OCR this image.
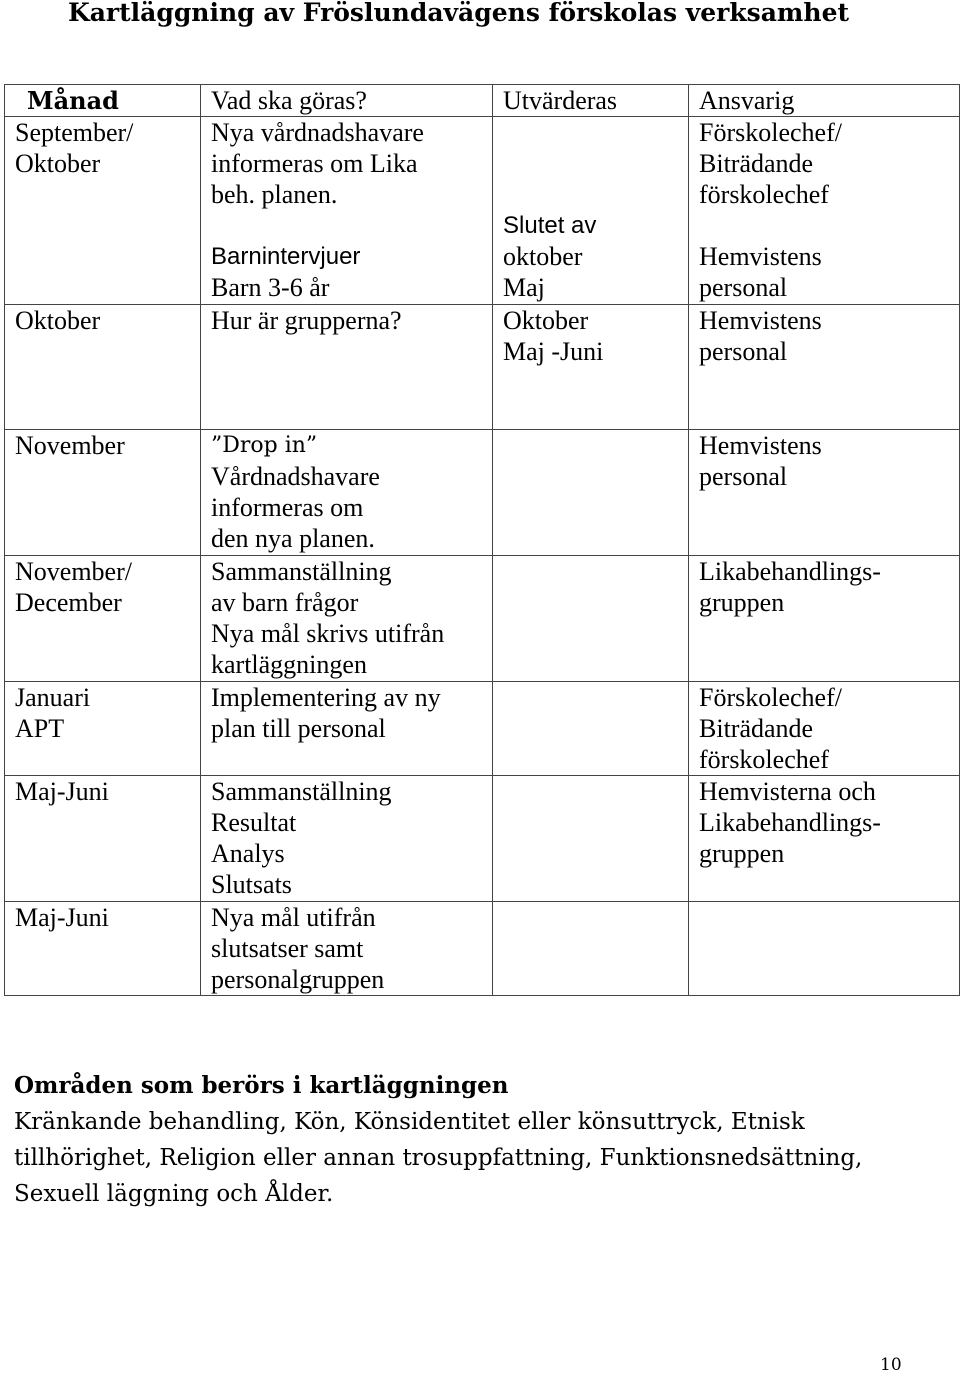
Kartläggning av Fröslundavägens förskolas verksamhet
Månad	Vad ska göras?	Utvärderas	Ansvarig

September/
Oktober	Nya vårdnadshavare
informeras om Lika
beh. planen.
Barnintervjuer
Barn 3-6 år	Slutet av
oktober
Maj	Förskolechef/
Biträdande
förskolechef
Hemvistens
personal

Oktober	Hur är grupperna?	Oktober
Maj -Juni	Hemvistens
personal

November	”Drop in”
Vårdnadshavare
informeras om
den nya planen.		Hemvistens
personal

November/
December	Sammanställning
av barn frågor
Nya mål skrivs utifrån
kartläggningen		Likabehandlings-
gruppen

Januari
APT	Implementering av ny
plan till personal		Förskolechef/
Biträdande
förskolechef

Maj-Juni	Sammanställning
Resultat
Analys
Slutsats		Hemvisterna och
Likabehandlings-
gruppen

Maj-Juni	Nya mål utifrån
slutsatser samt
personalgruppen		

Områden som berörs i kartläggningen

Kränkande behandling, Kön, Könsidentitet eller könsuttryck, Etnisk
tillhörighet, Religion eller annan trosuppfattning, Funktionsnedsättning,
Sexuell läggning och Ålder.

10
